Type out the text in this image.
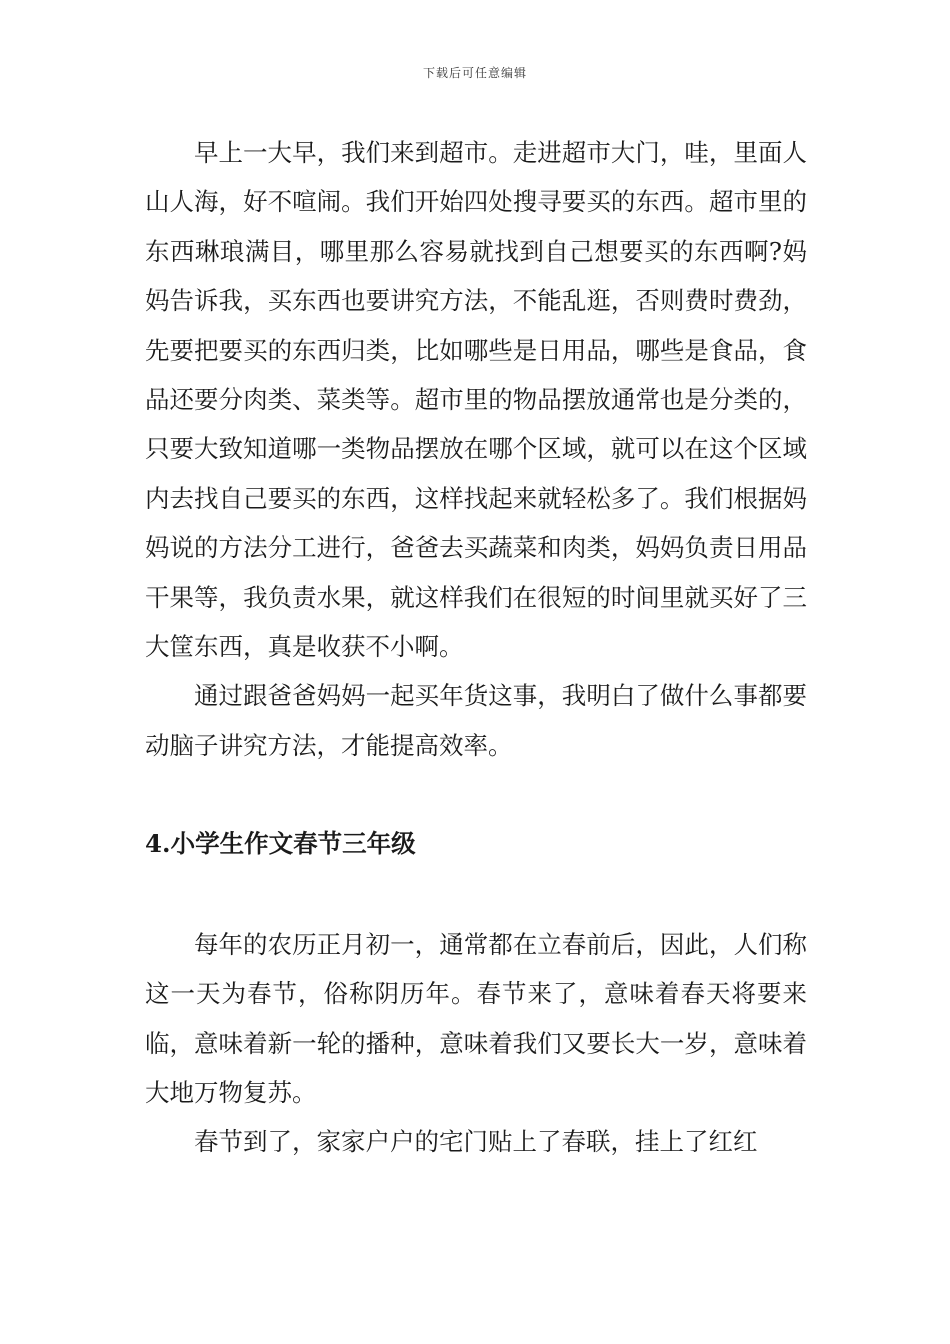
下载后可任意编辑

早上一大早，我们来到超市。走进超市大门，哇，里面人山人海，好不喧闹。我们开始四处搜寻要买的东西。超市里的东西琳琅满目，哪里那么容易就找到自己想要买的东西啊?妈妈告诉我，买东西也要讲究方法，不能乱逛，否则费时费劲，先要把要买的东西归类，比如哪些是日用品，哪些是食品，食品还要分肉类、菜类等。超市里的物品摆放通常也是分类的，只要大致知道哪一类物品摆放在哪个区域，就可以在这个区域内去找自己要买的东西，这样找起来就轻松多了。我们根据妈妈说的方法分工进行，爸爸去买蔬菜和肉类，妈妈负责日用品干果等，我负责水果，就这样我们在很短的时间里就买好了三大筐东西，真是收获不小啊。

通过跟爸爸妈妈一起买年货这事，我明白了做什么事都要动脑子讲究方法，才能提高效率。

4.小学生作文春节三年级

每年的农历正月初一，通常都在立春前后，因此，人们称这一天为春节，俗称阴历年。春节来了，意味着春天将要来临，意味着新一轮的播种，意味着我们又要长大一岁，意味着大地万物复苏。

春节到了，家家户户的宅门贴上了春联，挂上了红红
